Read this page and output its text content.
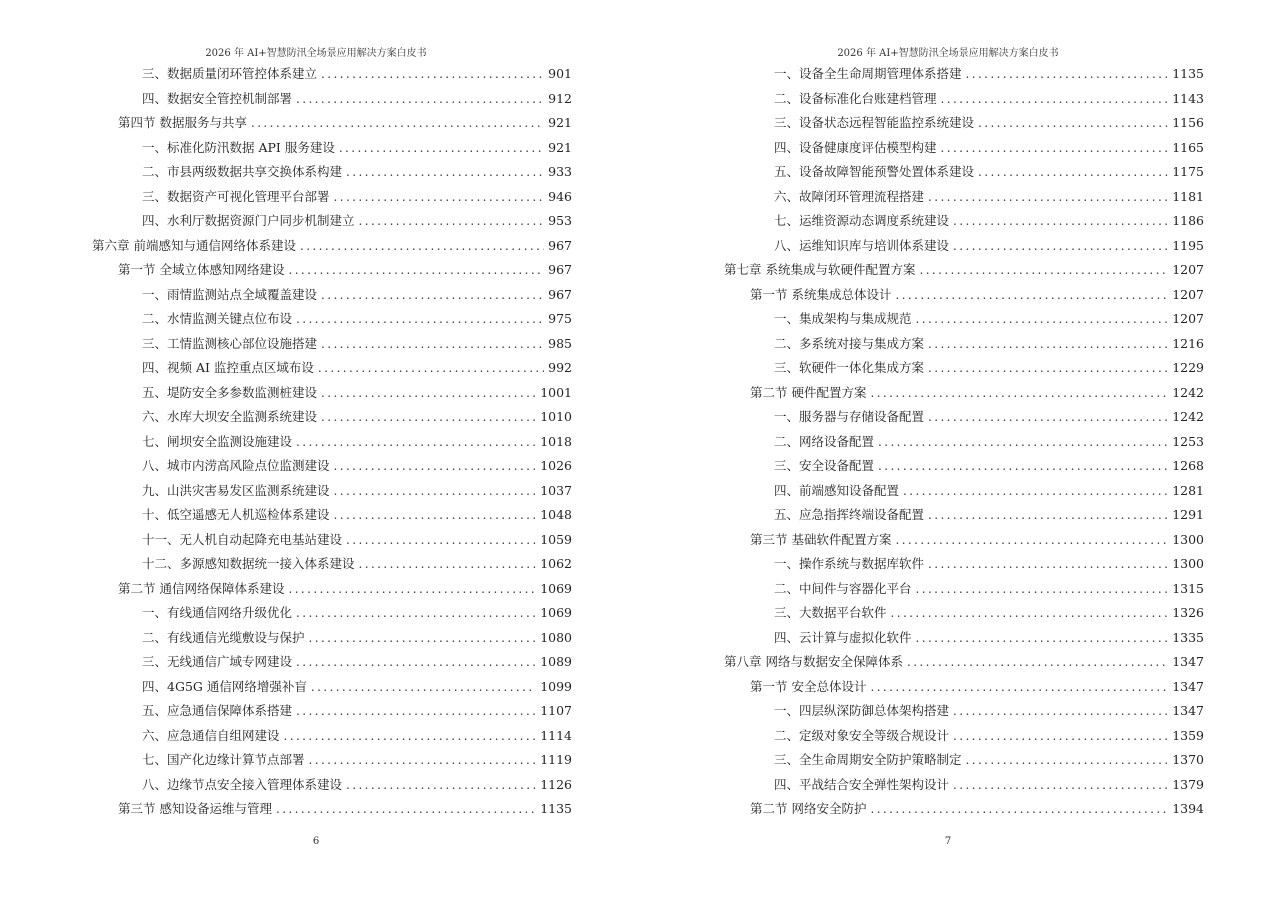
2026 年 AI+智慧防汛全场景应用解决方案白皮书
三、数据质量闭环管控体系建立 .....	901
四、数据安全管控机制部署 .....	912
第四节 数据服务与共享 .....	921
一、标准化防汛数据 API 服务建设 .....	921
二、市县两级数据共享交换体系构建 .....	933
三、数据资产可视化管理平台部署 .....	946
四、水利厅数据资源门户同步机制建立 .....	953
第六章 前端感知与通信网络体系建设 .....	967
第一节 全域立体感知网络建设 .....	967
一、雨情监测站点全域覆盖建设 .....	967
二、水情监测关键点位布设 .....	975
三、工情监测核心部位设施搭建 .....	985
四、视频 AI 监控重点区域布设 .....	992
五、堤防安全多参数监测桩建设 .....	1001
六、水库大坝安全监测系统建设 .....	1010
七、闸坝安全监测设施建设 .....	1018
八、城市内涝高风险点位监测建设 .....	1026
九、山洪灾害易发区监测系统建设 .....	1037
十、低空遥感无人机巡检体系建设 .....	1048
十一、无人机自动起降充电基站建设 .....	1059
十二、多源感知数据统一接入体系建设 .....	1062
第二节 通信网络保障体系建设 .....	1069
一、有线通信网络升级优化 .....	1069
二、有线通信光缆敷设与保护 .....	1080
三、无线通信广域专网建设 .....	1089
四、4G5G 通信网络增强补盲 .....	1099
五、应急通信保障体系搭建 .....	1107
六、应急通信自组网建设 .....	1114
七、国产化边缘计算节点部署 .....	1119
八、边缘节点安全接入管理体系建设 .....	1126
第三节 感知设备运维与管理 .....	1135
6
2026 年 AI+智慧防汛全场景应用解决方案白皮书
一、设备全生命周期管理体系搭建 .....	1135
二、设备标准化台账建档管理 .....	1143
三、设备状态远程智能监控系统建设 .....	1156
四、设备健康度评估模型构建 .....	1165
五、设备故障智能预警处置体系建设 .....	1175
六、故障闭环管理流程搭建 .....	1181
七、运维资源动态调度系统建设 .....	1186
八、运维知识库与培训体系建设 .....	1195
第七章 系统集成与软硬件配置方案 .....	1207
第一节 系统集成总体设计 .....	1207
一、集成架构与集成规范 .....	1207
二、多系统对接与集成方案 .....	1216
三、软硬件一体化集成方案 .....	1229
第二节 硬件配置方案 .....	1242
一、服务器与存储设备配置 .....	1242
二、网络设备配置 .....	1253
三、安全设备配置 .....	1268
四、前端感知设备配置 .....	1281
五、应急指挥终端设备配置 .....	1291
第三节 基础软件配置方案 .....	1300
一、操作系统与数据库软件 .....	1300
二、中间件与容器化平台 .....	1315
三、大数据平台软件 .....	1326
四、云计算与虚拟化软件 .....	1335
第八章 网络与数据安全保障体系 .....	1347
第一节 安全总体设计 .....	1347
一、四层纵深防御总体架构搭建 .....	1347
二、定级对象安全等级合规设计 .....	1359
三、全生命周期安全防护策略制定 .....	1370
四、平战结合安全弹性架构设计 .....	1379
第二节 网络安全防护 .....	1394
7
